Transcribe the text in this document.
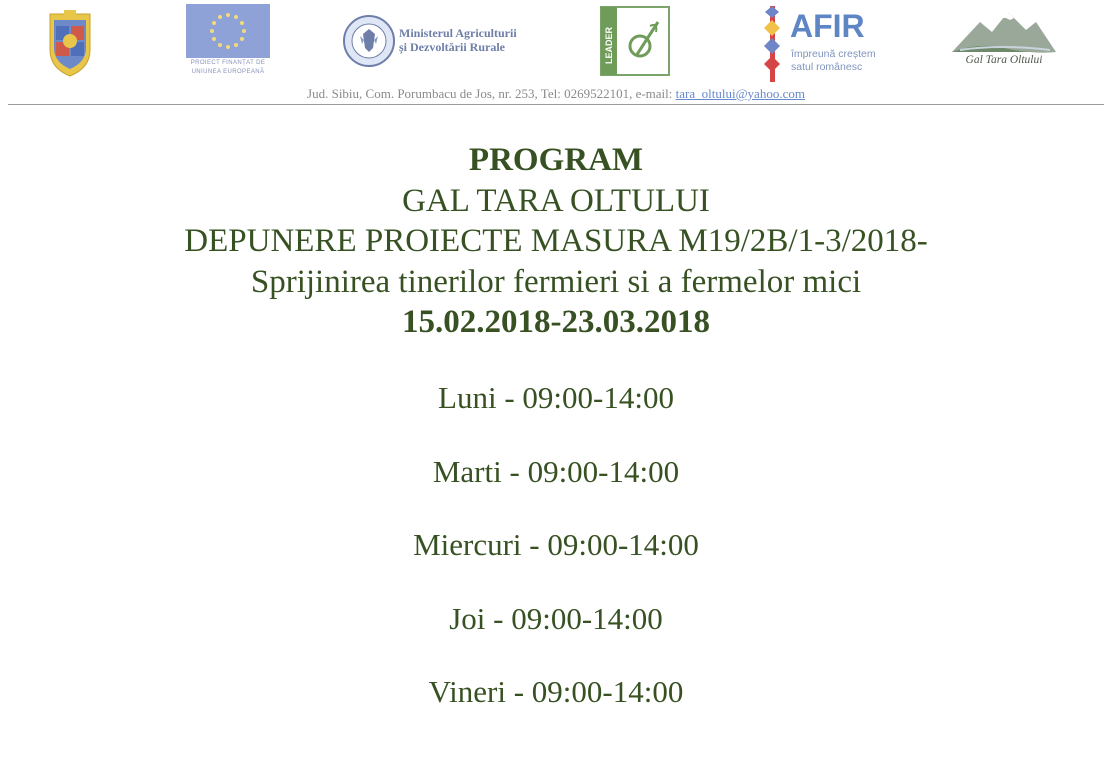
PROIECT FINANȚAT DE
UNIUNEA EUROPEANĂ
Ministerul Agriculturii
și Dezvoltării Rurale	LEADER
AFIR
împreună creștem
satul românesc
Gal Tara Oltului
Jud. Sibiu, Com. Porumbacu de Jos, nr. 253, Tel: 0269522101, e-mail: tara_oltului@yahoo.com
PROGRAM
GAL TARA OLTULUI
DEPUNERE PROIECTE MASURA M19/2B/1-3/2018-
Sprijinirea tinerilor fermieri si a fermelor mici
15.02.2018-23.03.2018
Luni - 09:00-14:00
Marti - 09:00-14:00
Miercuri - 09:00-14:00
Joi - 09:00-14:00
Vineri - 09:00-14:00
